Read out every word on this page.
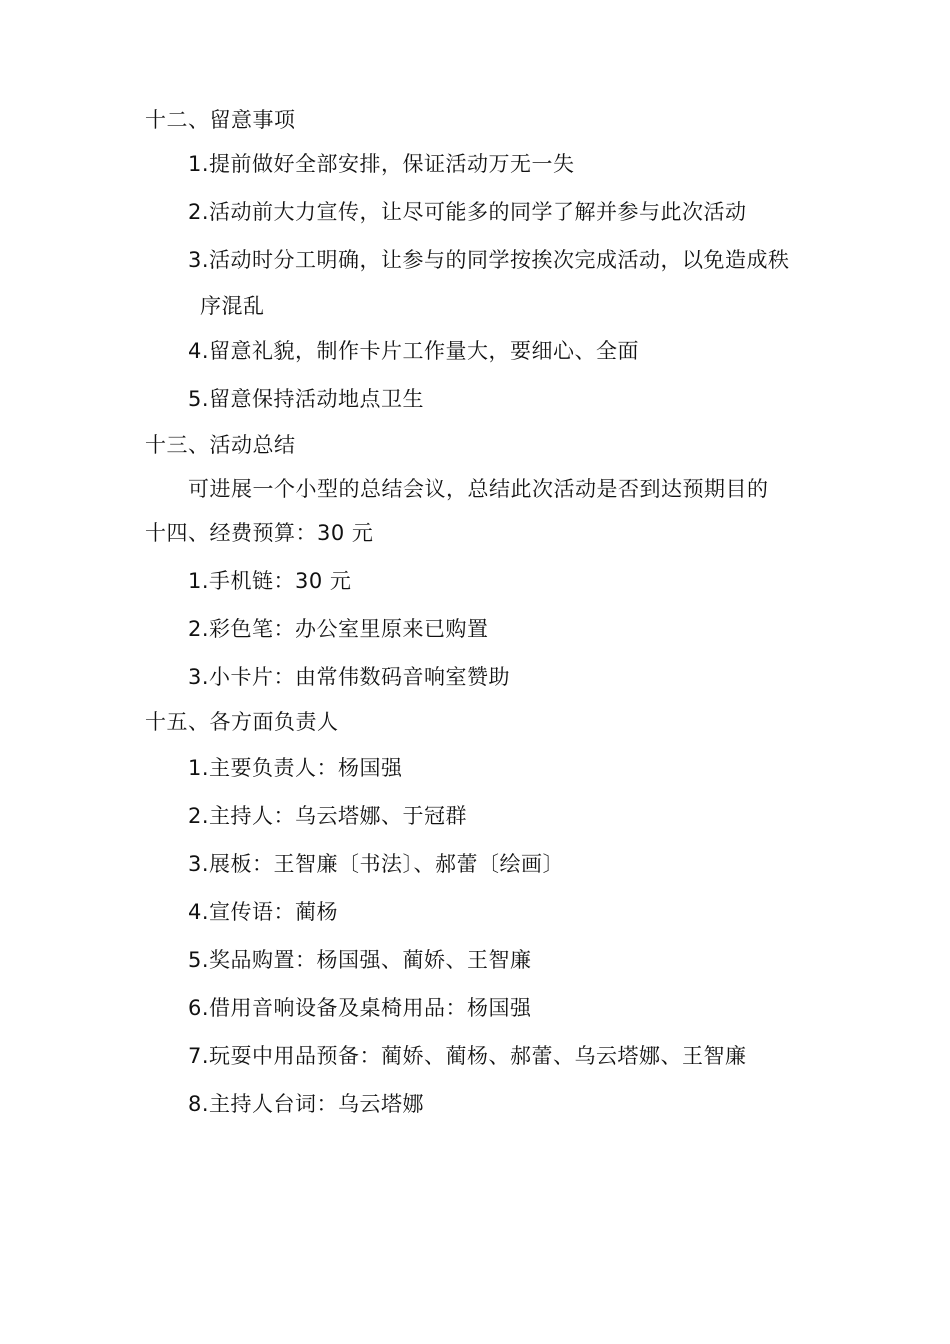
十二、留意事项
1.提前做好全部安排，保证活动万无一失
2.活动前大力宣传，让尽可能多的同学了解并参与此次活动
3.活动时分工明确，让参与的同学按挨次完成活动，以免造成秩
序混乱
4.留意礼貌，制作卡片工作量大，要细心、全面
5.留意保持活动地点卫生
十三、活动总结
可进展一个小型的总结会议，总结此次活动是否到达预期目的
十四、经费预算：30 元
1.手机链：30 元
2.彩色笔：办公室里原来已购置
3.小卡片：由常伟数码音响室赞助
十五、各方面负责人
1.主要负责人：杨国强
2.主持人：乌云塔娜、于冠群
3.展板：王智廉〔书法〕、郝蕾〔绘画〕
4.宣传语：蔺杨
5.奖品购置：杨国强、蔺娇、王智廉
6.借用音响设备及桌椅用品：杨国强
7.玩耍中用品预备：蔺娇、蔺杨、郝蕾、乌云塔娜、王智廉
8.主持人台词：乌云塔娜
